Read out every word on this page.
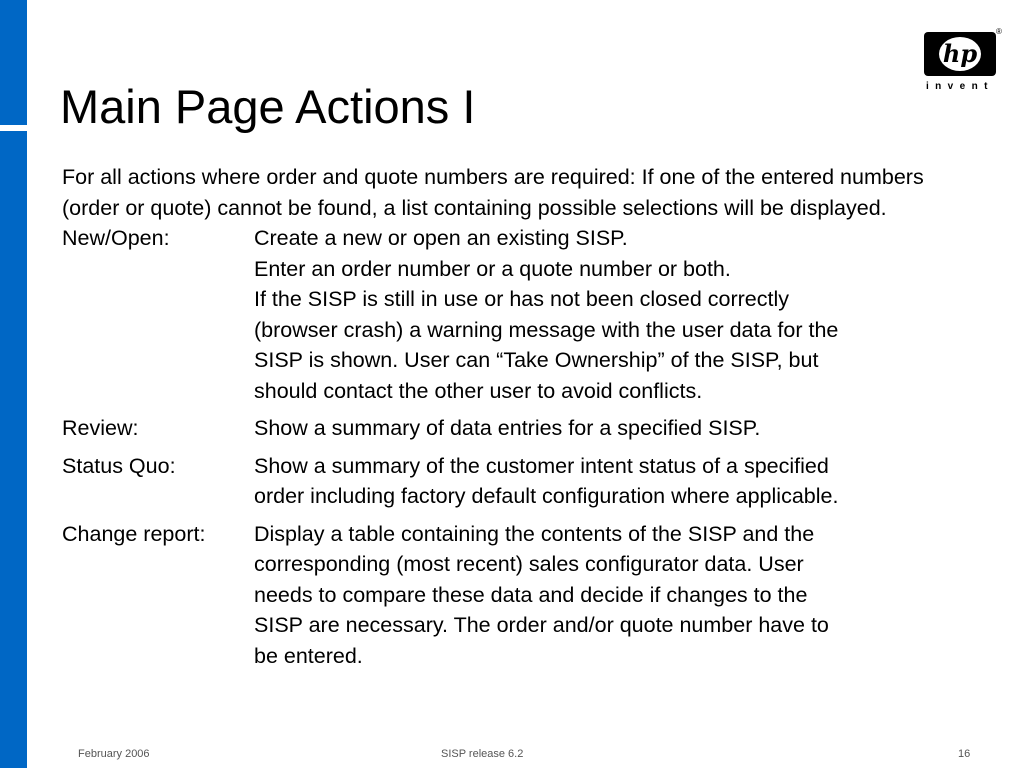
Main Page Actions I
hp
®
invent

For all actions where order and quote numbers are required: If one of the entered numbers (order or quote) cannot be found, a list containing possible selections will be displayed.

New/Open:	Create a new or open an existing SISP.
Enter an order number or a quote number or both.
If the SISP is still in use or has not been closed correctly
(browser crash) a warning message with the user data for the
SISP is shown. User can “Take Ownership” of the SISP, but
should contact the other user to avoid conflicts.
Review:	Show a summary of data entries for a specified SISP.
Status Quo:	Show a summary of the customer intent status of a specified
order including factory default configuration where applicable.
Change report:	Display a table containing the contents of the SISP and the
corresponding (most recent) sales configurator data. User
needs to compare these data and decide if changes to the
SISP are necessary. The order and/or quote number have to
be entered.
February 2006	SISP release 6.2	16
